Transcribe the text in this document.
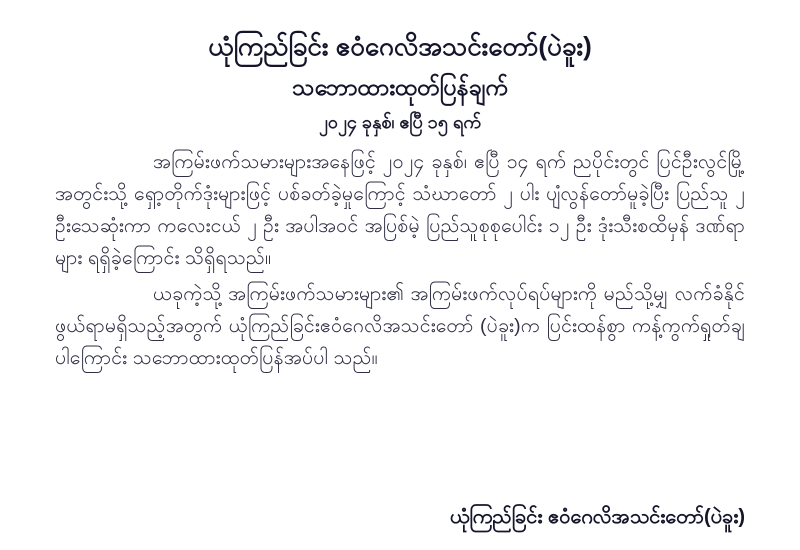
ယုံကြည်ခြင်း ဧဝံဂေလိအသင်းတော်(ပဲခူး)
သဘောထားထုတ်ပြန်ချက်
၂၀၂၄ ခုနှစ်၊ ဧပြီ ၁၅ ရက်

အကြမ်းဖက်သမားများအနေဖြင့် ၂၀၂၄ ခုနှစ်၊ ဧပြီ ၁၄ ရက် ညပိုင်းတွင် ပြင်ဦးလွင်မြို့အတွင်းသို့ ရှော့တိုက်ဒုံးများဖြင့် ပစ်ခတ်ခဲ့မှုကြောင့် သံဃာတော် ၂ ပါး ပျံလွန်တော်မူခဲ့ပြီး ပြည်သူ ၂ ဦးသေဆုံးကာ ကလေးငယ် ၂ ဦး အပါအဝင် အပြစ်မဲ့ ပြည်သူစုစုပေါင်း ၁၂ ဦး ဒုံးသီးစထိမှန် ဒဏ်ရာများ ရရှိခဲ့ကြောင်း သိရှိရသည်။

ယခုကဲ့သို့ အကြမ်းဖက်သမားများ၏ အကြမ်းဖက်လုပ်ရပ်များကို မည်သို့မျှ လက်ခံနိုင်ဖွယ်ရာမရှိသည့်အတွက် ယုံကြည်ခြင်းဧဝံဂေလိအသင်းတော် (ပဲခူး)က ပြင်းထန်စွာ ကန့်ကွက်ရှုတ်ချပါကြောင်း သဘောထားထုတ်ပြန်အပ်ပါ သည်။

ယုံကြည်ခြင်း ဧဝံဂေလိအသင်းတော်(ပဲခူး)
